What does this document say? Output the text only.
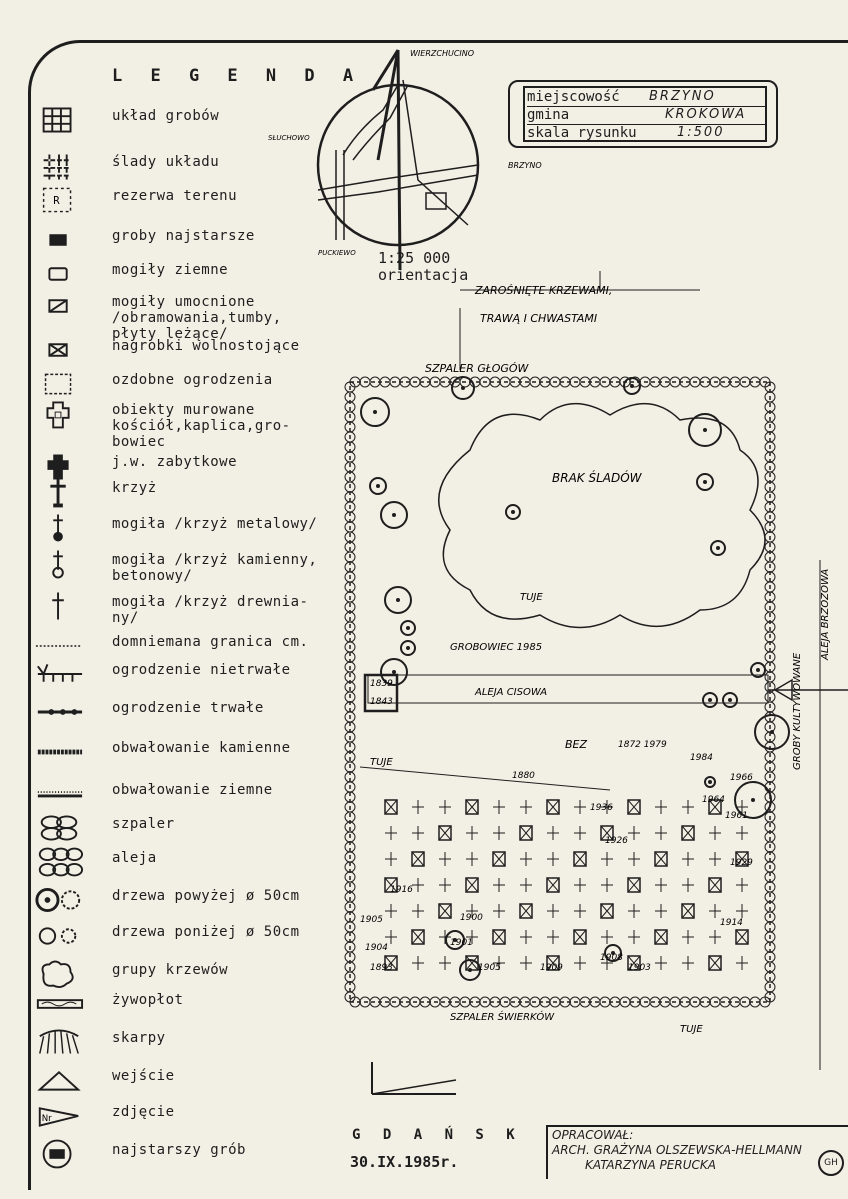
L E G E N D A
układ grobów
ślady układu
R	rezerwa terenu
groby najstarsze
mogiły ziemne
mogiły umocnione
/obramowania,tumby,
płyty leżące/
nagrobki wolnostojące
ozdobne ogrodzenia
obiekty murowane
kościół,kaplica,gro-
bowiec
j.w. zabytkowe
krzyż
mogiła /krzyż metalowy/
mogiła /krzyż kamienny,
betonowy/
mogiła /krzyż drewnia-
ny/
domniemana granica cm.
ogrodzenie nietrwałe
ogrodzenie trwałe
obwałowanie kamienne
obwałowanie ziemne
szpaler
aleja
drzewa powyżej ø 50cm
drzewa poniżej ø 50cm
grupy krzewów
żywopłot
skarpy
wejście
Nr	zdjęcie
najstarszy grób
miejscowość BRZYNO
gmina	KROKOWA
skala rysunku	1:500
WIERZCHUCINO
SŁUCHOWO
BRZYNO
PUCKIEWO 1:25 000
orientacja
ZAROŚNIĘTE KRZEWAMI,
TRAWĄ I CHWASTAMI
SZPALER GŁOGÓW
BRAK ŚLADÓW
TUJE
GROBOWIEC 1985
ALEJA CISOWA
BEZ
TUJE
SZPALER ŚWIERKÓW
TUJE
ALEJA BRZOZOWA
GROBY KULTYWOWANE
1839
1843
1926
1929
1916
1905
1904
1900
1901
1893	1905	1909
1908
1903
1914
1961
1964
1966
1984
1880
1936
1872 1979
G D A Ń S K
30.IX.1985r.
OPRACOWAŁ:
ARCH. GRAŻYNA OLSZEWSKA-HELLMANN
KATARZYNA PERUCKA	GH
